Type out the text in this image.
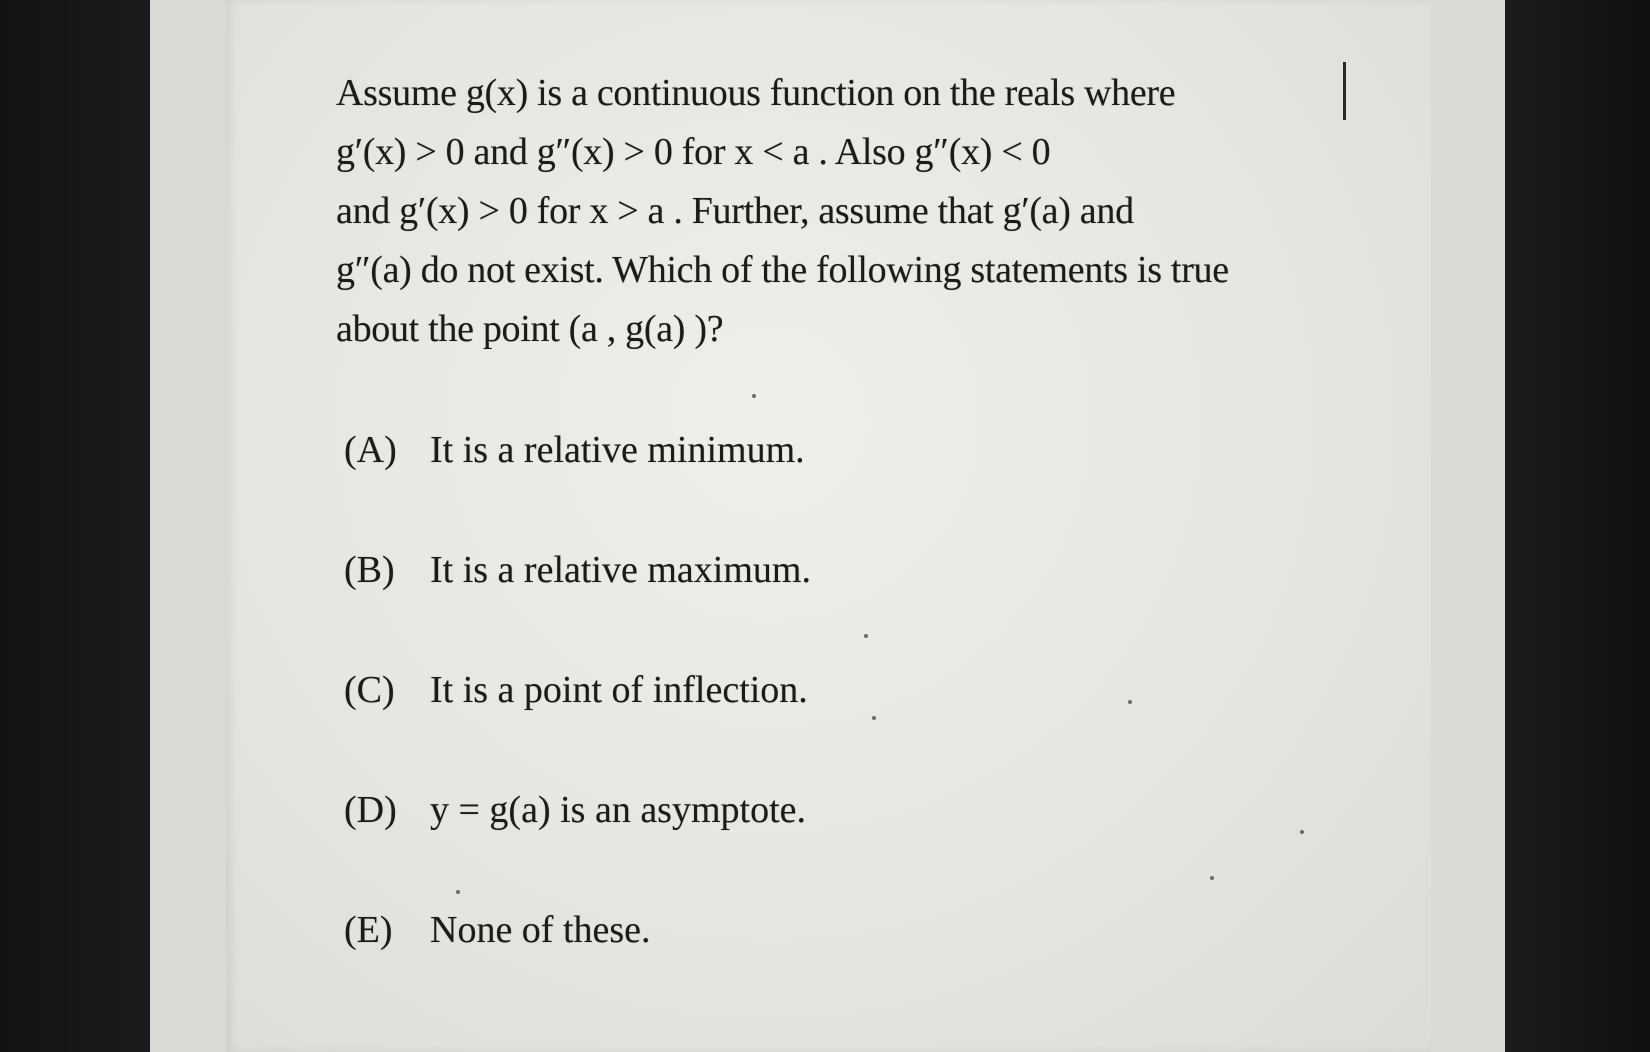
Assume g(x) is a continuous function on the reals where
g′(x) > 0 and g″(x) > 0 for x < a . Also g″(x) < 0
and g′(x) > 0 for x > a . Further, assume that g′(a) and
g″(a) do not exist. Which of the following statements is true
about the point (a , g(a) )?
(A) It is a relative minimum.
(B) It is a relative maximum.
(C) It is a point of inflection.
(D) y = g(a) is an asymptote.
(E) None of these.
